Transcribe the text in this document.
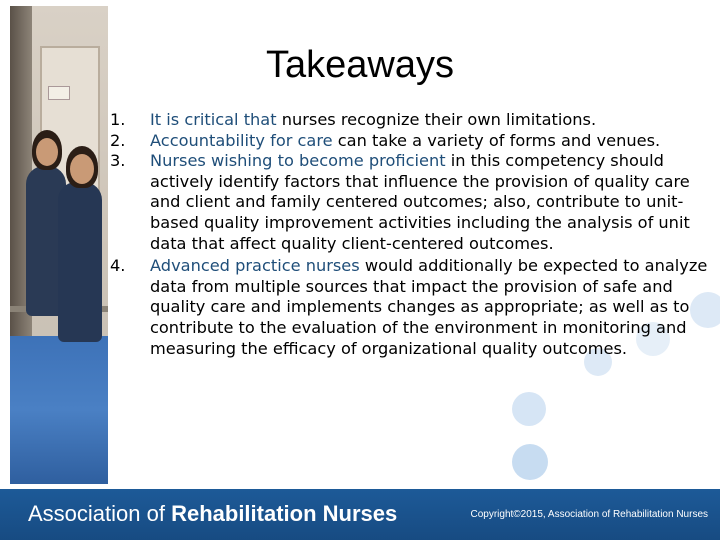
Takeaways
1.	It is critical that nurses recognize their own limitations.
2.	Accountability for care can take a variety of forms and venues.
3.	Nurses wishing to become proficient in this competency should actively identify factors that influence the provision of quality care and client and family centered outcomes; also, contribute to unit-based quality improvement activities including the analysis of unit data that affect quality client-centered outcomes.
4.	Advanced practice nurses would additionally be expected to analyze data from multiple sources that impact the provision of safe and quality care and implements changes as appropriate; as well as to contribute to the evaluation of the environment in monitoring and measuring the efficacy of organizational quality outcomes.
Association of Rehabilitation Nurses	Copyright©2015, Association of Rehabilitation Nurses
